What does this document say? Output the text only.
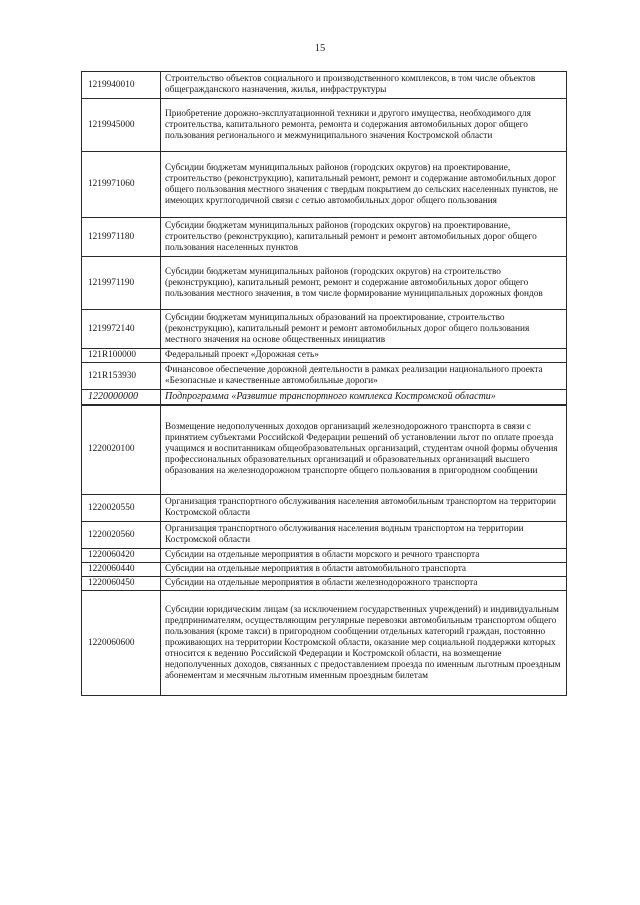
15
1219940010	Строительство объектов социального и производственного комплексов, в том числе объектов общегражданского назначения, жилья, инфраструктуры
1219945000	Приобретение дорожно-эксплуатационной техники и другого имущества, необходимого для строительства, капитального ремонта, ремонта и содержания автомобильных дорог общего пользования регионального и межмуниципального значения Костромской области
1219971060	Субсидии бюджетам муниципальных районов (городских округов) на проектирование, строительство (реконструкцию), капитальный ремонт, ремонт и содержание автомобильных дорог общего пользования местного значения с твердым покрытием до сельских населенных пунктов, не имеющих круглогодичной связи с сетью автомобильных дорог общего пользования
1219971180	Субсидии бюджетам муниципальных районов (городских округов) на проектирование, строительство (реконструкцию), капитальный ремонт и ремонт автомобильных дорог общего пользования населенных пунктов
1219971190	Субсидии бюджетам муниципальных районов (городских округов) на строительство (реконструкцию), капитальный ремонт, ремонт и содержание автомобильных дорог общего пользования местного значения, в том числе формирование муниципальных дорожных фондов
1219972140	Субсидии бюджетам муниципальных образований на проектирование, строительство (реконструкцию), капитальный ремонт и ремонт автомобильных дорог общего пользования местного значения на основе общественных инициатив
121R100000	Федеральный проект «Дорожная сеть»
121R153930	Финансовое обеспечение дорожной деятельности в рамках реализации национального проекта «Безопасные и качественные автомобильные дороги»
1220000000	Подпрограмма «Развитие транспортного комплекса Костромской области»
1220020100	Возмещение недополученных доходов организаций железнодорожного транспорта в связи с принятием субъектами Российской Федерации решений об установлении льгот по оплате проезда учащимся и воспитанникам общеобразовательных организаций, студентам очной формы обучения профессиональных образовательных организаций и образовательных организаций высшего образования на железнодорожном транспорте общего пользования в пригородном сообщении
1220020550	Организация транспортного обслуживания населения автомобильным транспортом на территории Костромской области
1220020560	Организация транспортного обслуживания населения водным транспортом на территории Костромской области
1220060420	Субсидии на отдельные мероприятия в области морского и речного транспорта
1220060440	Субсидии на отдельные мероприятия в области автомобильного транспорта
1220060450	Субсидии на отдельные мероприятия в области железнодорожного транспорта
1220060600	Субсидии юридическим лицам (за исключением государственных учреждений) и индивидуальным предпринимателям, осуществляющим регулярные перевозки автомобильным транспортом общего пользования (кроме такси) в пригородном сообщении отдельных категорий граждан, постоянно проживающих на территории Костромской области, оказание мер социальной поддержки которых относится к ведению Российской Федерации и Костромской области, на возмещение недополученных доходов, связанных с предоставлением проезда по именным льготным проездным абонементам и месячным льготным именным проездным билетам
